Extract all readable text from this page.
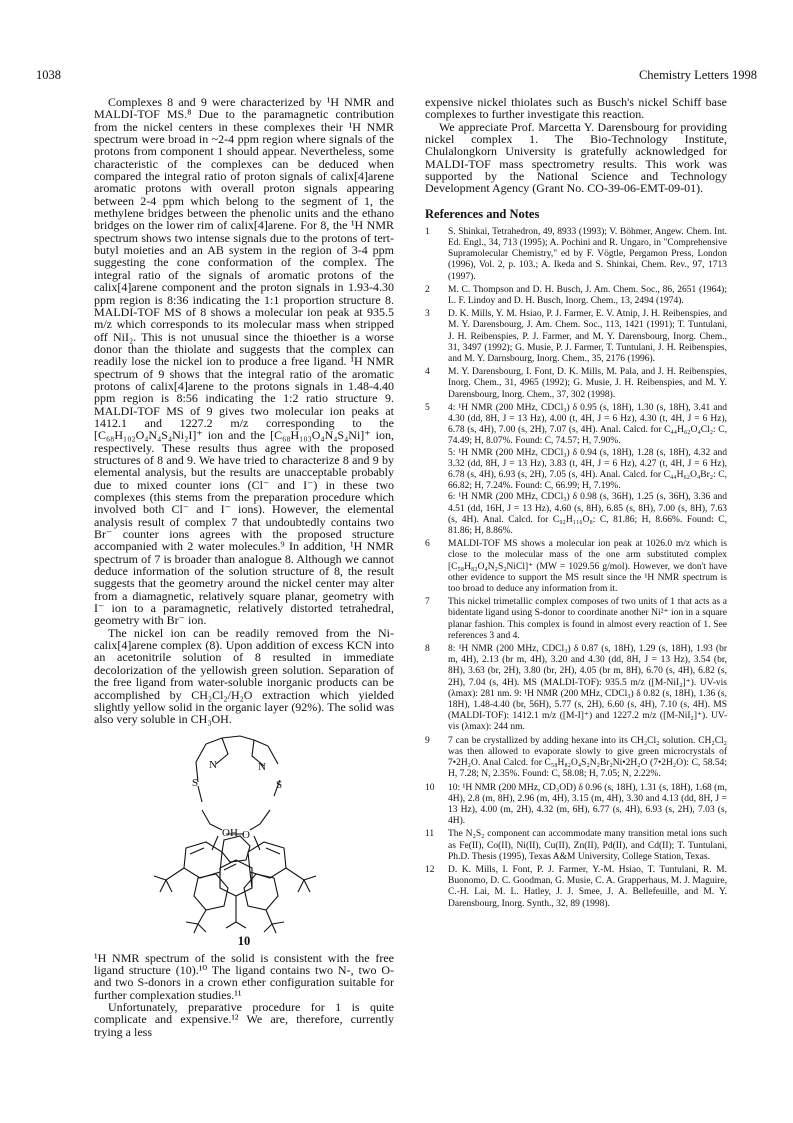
1038	Chemistry Letters 1998

Complexes 8 and 9 were characterized by ¹H NMR and MALDI-TOF MS.⁸ Due to the paramagnetic contribution from the nickel centers in these complexes their ¹H NMR spectrum were broad in ~2-4 ppm region where signals of the protons from component 1 should appear. Nevertheless, some characteristic of the complexes can be deduced when compared the integral ratio of proton signals of calix[4]arene aromatic protons with overall proton signals appearing between 2-4 ppm which belong to the segment of 1, the methylene bridges between the phenolic units and the ethano bridges on the lower rim of calix[4]arene. For 8, the ¹H NMR spectrum shows two intense signals due to the protons of tert-butyl moieties and an AB system in the region of 3-4 ppm suggesting the cone conformation of the complex. The integral ratio of the signals of aromatic protons of the calix[4]arene component and the proton signals in 1.93-4.30 ppm region is 8:36 indicating the 1:1 proportion structure 8. MALDI-TOF MS of 8 shows a molecular ion peak at 935.5 m/z which corresponds to its molecular mass when stripped off NiI₂. This is not unusual since the thioether is a worse donor than the thiolate and suggests that the complex can readily lose the nickel ion to produce a free ligand. ¹H NMR spectrum of 9 shows that the integral ratio of the aromatic protons of calix[4]arene to the protons signals in 1.48-4.40 ppm region is 8:56 indicating the 1:2 ratio structure 9. MALDI-TOF MS of 9 gives two molecular ion peaks at 1412.1 and 1227.2 m/z corresponding to the [C₆₈H₁₀₂O₄N₄S₄Ni₂I]⁺ ion and the [C₆₈H₁₀₃O₄N₄S₄Ni]⁺ ion, respectively. These results thus agree with the proposed structures of 8 and 9. We have tried to characterize 8 and 9 by elemental analysis, but the results are unacceptable probably due to mixed counter ions (Cl⁻ and I⁻) in these two complexes (this stems from the preparation procedure which involved both Cl⁻ and I⁻ ions). However, the elemental analysis result of complex 7 that undoubtedly contains two Br⁻ counter ions agrees with the proposed structure accompanied with 2 water molecules.⁹ In addition, ¹H NMR spectrum of 7 is broader than analogue 8. Although we cannot deduce information of the solution structure of 8, the result suggests that the geometry around the nickel center may alter from a diamagnetic, relatively square planar, geometry with I⁻ ion to a paramagnetic, relatively distorted tetrahedral, geometry with Br⁻ ion.

The nickel ion can be readily removed from the Ni-calix[4]arene complex (8). Upon addition of excess KCN into an acetonitrile solution of 8 resulted in immediate decolorization of the yellowish green solution. Separation of the free ligand from water-soluble inorganic products can be accomplished by CH₂Cl₂/H₂O extraction which yielded slightly yellow solid in the organic layer (92%). The solid was also very soluble in CH₃OH.

N	N
S	S
OH O
10

¹H NMR spectrum of the solid is consistent with the free ligand structure (10).¹⁰ The ligand contains two N-, two O- and two S-donors in a crown ether configuration suitable for further complexation studies.¹¹

Unfortunately, preparative procedure for 1 is quite complicate and expensive.¹² We are, therefore, currently trying a less

expensive nickel thiolates such as Busch's nickel Schiff base complexes to further investigate this reaction.

We appreciate Prof. Marcetta Y. Darensbourg for providing nickel complex 1. The Bio-Technology Institute, Chulalongkorn University is gratefully acknowledged for MALDI-TOF mass spectrometry results. This work was supported by the National Science and Technology Development Agency (Grant No. CO-39-06-EMT-09-01).

References and Notes
1	S. Shinkai, Tetrahedron, 49, 8933 (1993); V. Böhmer, Angew. Chem. Int. Ed. Engl., 34, 713 (1995); A. Pochini and R. Ungaro, in "Comprehensive Supramolecular Chemistry," ed by F. Vögtle, Pergamon Press, London (1996), Vol. 2, p. 103.; A. Ikeda and S. Shinkai, Chem. Rev., 97, 1713 (1997).
2	M. C. Thompson and D. H. Busch, J. Am. Chem. Soc., 86, 2651 (1964); L. F. Lindoy and D. H. Busch, Inorg. Chem., 13, 2494 (1974).
3	D. K. Mills, Y. M. Hsiao, P. J. Farmer, E. V. Atnip, J. H. Reibenspies, and M. Y. Darensbourg, J. Am. Chem. Soc., 113, 1421 (1991); T. Tuntulani, J. H. Reibenspies, P. J. Farmer, and M. Y. Darensbourg, Inorg. Chem., 31, 3497 (1992); G. Musie, P. J. Farmer, T. Tuntulani, J. H. Reibenspies, and M. Y. Darnsbourg, Inorg. Chem., 35, 2176 (1996).
4	M. Y. Darensbourg, I. Font, D. K. Mills, M. Pala, and J. H. Reibenspies, Inorg. Chem., 31, 4965 (1992); G. Musie, J. H. Reibenspies, and M. Y. Darensbourg, Inorg. Chem., 37, 302 (1998).
5	4: ¹H NMR (200 MHz, CDCl₃) δ 0.95 (s, 18H), 1.30 (s, 18H), 3.41 and 4.30 (dd, 8H, J = 13 Hz), 4.00 (t, 4H, J = 6 Hz), 4.30 (t, 4H, J = 6 Hz), 6.78 (s, 4H), 7.00 (s, 2H), 7.07 (s, 4H). Anal. Calcd. for C₄₄H₆₂O₄Cl₂: C, 74.49; H, 8.07%. Found: C, 74.57; H, 7.90%.
5: ¹H NMR (200 MHz, CDCl₃) δ 0.94 (s, 18H), 1.28 (s, 18H), 4.32 and 3.32 (dd, 8H, J = 13 Hz), 3.83 (t, 4H, J = 6 Hz), 4.27 (t, 4H, J = 6 Hz), 6.78 (s, 4H), 6.93 (s, 2H), 7.05 (s, 4H). Anal. Calcd. for C₄₄H₆₂O₄Br₂: C, 66.82; H, 7.24%. Found: C, 66.99; H, 7.19%.
6: ¹H NMR (200 MHz, CDCl₃) δ 0.98 (s, 36H), 1.25 (s, 36H), 3.36 and 4.51 (dd, 16H, J = 13 Hz), 4.60 (s, 8H), 6.85 (s, 8H), 7.00 (s, 8H), 7.63 (s, 4H). Anal. Calcd. for C₉₂H₁₁₆O₈: C, 81.86; H, 8.66%. Found: C, 81.86; H, 8.86%.
6	MALDI-TOF MS shows a molecular ion peak at 1026.0 m/z which is close to the molecular mass of the one arm substituted complex [C₅₈H₈₂O₄N₂S₂NiCl]⁺ (MW = 1029.56 g/mol). However, we don't have other evidence to support the MS result since the ¹H NMR spectrum is too broad to deduce any information from it.
7	This nickel trimetallic complex composes of two units of 1 that acts as a bidentate ligand using S-donor to coordinate another Ni²⁺ ion in a square planar fashion. This complex is found in almost every reaction of 1. See references 3 and 4.
8	8: ¹H NMR (200 MHz, CDCl₃) δ 0.87 (s, 18H), 1.29 (s, 18H), 1.93 (br m, 4H), 2.13 (br m, 4H), 3.20 and 4.30 (dd, 8H, J = 13 Hz), 3.54 (br, 8H), 3.63 (br, 2H), 3.80 (br, 2H), 4.05 (br m, 8H), 6.70 (s, 4H), 6.82 (s, 2H), 7.04 (s, 4H). MS (MALDI-TOF): 935.5 m/z ([M-NiI₂]⁺). UV-vis (λmax): 281 nm. 9: ¹H NMR (200 MHz, CDCl₃) δ 0.82 (s, 18H), 1.36 (s, 18H), 1.48-4.40 (br, 56H), 5.77 (s, 2H), 6.60 (s, 4H), 7.10 (s, 4H). MS (MALDI-TOF): 1412.1 m/z ([M-I]⁺) and 1227.2 m/z ([M-NiI₂]⁺). UV-vis (λmax): 244 nm.
9	7 can be crystallized by adding hexane into its CH₂Cl₂ solution. CH₂Cl₂ was then allowed to evaporate slowly to give green microcrystals of 7•2H₂O. Anal Calcd. for C₅₈H₈₂O₄S₂N₂Br₂Ni•2H₂O (7•2H₂O): C, 58.54; H, 7.28; N, 2.35%. Found: C, 58.08; H, 7.05; N, 2.22%.
10	10: ¹H NMR (200 MHz, CD₃OD) δ 0.96 (s, 18H), 1.31 (s, 18H), 1.68 (m, 4H), 2.8 (m, 8H), 2.96 (m, 4H), 3.15 (m, 4H), 3.30 and 4.13 (dd, 8H, J = 13 Hz), 4.00 (m, 2H), 4.32 (m, 6H), 6.77 (s, 4H), 6.93 (s, 2H), 7.03 (s, 4H).
11	The N₂S₂ component can accommodate many transition metal ions such as Fe(II), Co(II), Ni(II), Cu(II), Zn(II), Pd(II), and Cd(II); T. Tuntulani, Ph.D. Thesis (1995), Texas A&M University, College Station, Texas.
12	D. K. Mills, I. Font, P. J. Farmer, Y.-M. Hsiao, T. Tuntulani, R. M. Buonomo, D. C. Goodman, G. Musie, C. A. Grapperhaus, M. J. Maguire, C.-H. Lai, M. L. Hatley, J. J. Smee, J. A. Bellefeuille, and M. Y. Darensbourg, Inorg. Synth., 32, 89 (1998).
